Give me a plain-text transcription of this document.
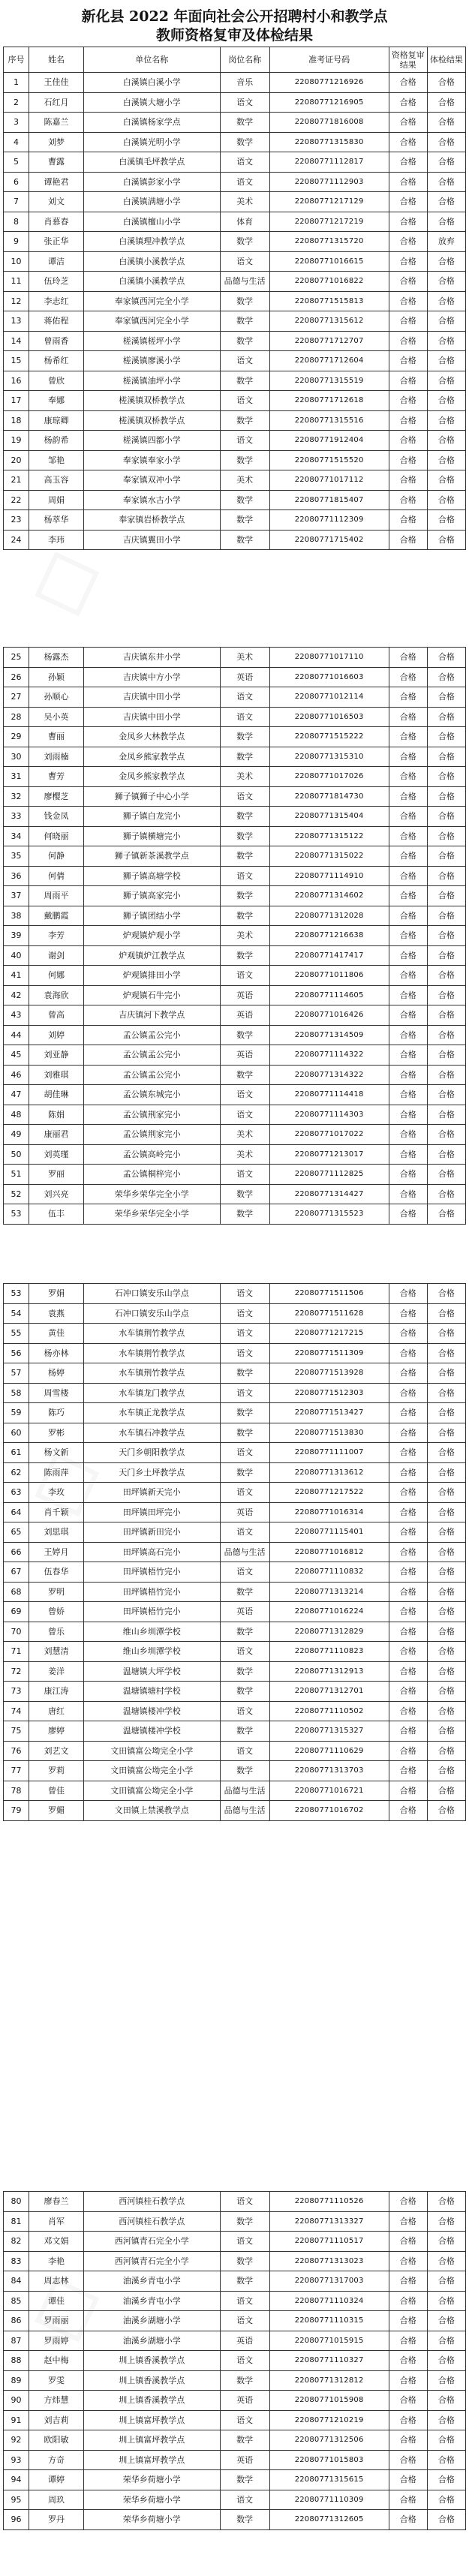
新化县 2022 年面向社会公开招聘村小和教学点
教师资格复审及体检结果
序号	姓名	单位名称	岗位名称	准考证号码	资格复审结果	体检结果
1	王佳佳	白溪镇白溪小学	音乐	22080771216926	合格	合格
2	石红月	白溪镇大塘小学	语文	22080771216905	合格	合格
3	陈嘉兰	白溪镇杨家学点	数学	22080771816008	合格	合格
4	刘梦	白溪镇光明小学	数学	22080771315830	合格	合格
5	曹露	白溪镇毛坪教学点	语文	22080771112817	合格	合格
6	谭艳君	白溪镇彭家小学	语文	22080771112903	合格	合格
7	刘文	白溪镇满塘小学	美术	22080771217129	合格	合格
8	肖慕春	白溪镇檀山小学	体育	22080771217219	合格	合格
9	张正华	白溪镇理冲教学点	数学	22080771315720	合格	放弃
10	谭洁	白溪镇小溪教学点	语文	22080771016615	合格	合格
11	伍玲芝	白溪镇小溪教学点	品德与生活	22080771016822	合格	合格
12	李志红	奉家镇西河完全小学	数学	22080771515813	合格	合格
13	蒋佑程	奉家镇西河完全小学	数学	22080771315612	合格	合格
14	曾雨香	槎溪镇槎坪小学	数学	22080771712707	合格	合格
15	杨希红	槎溪镇廖溪小学	语文	22080771712604	合格	合格
16	曾欣	槎溪镇油坪小学	数学	22080771315519	合格	合格
17	奉娜	槎溪镇双桥教学点	语文	22080771712618	合格	合格
18	康琼卿	槎溪镇双桥教学点	数学	22080771315516	合格	合格
19	杨韵希	槎溪镇四都小学	语文	22080771912404	合格	合格
20	邹艳	奉家镇奉家小学	数学	22080771515520	合格	合格
21	高玉容	奉家镇双冲小学	美术	22080771017112	合格	合格
22	周娟	奉家镇水古小学	数学	22080771815407	合格	合格
23	杨萃华	奉家镇岩桥教学点	数学	22080771112309	合格	合格
24	李玮	吉庆镇翼田小学	数学	22080771715402	合格	合格
25	杨露杰	吉庆镇东井小学	美术	22080771017110	合格	合格
26	孙颖	吉庆镇中方小学	英语	22080771016603	合格	合格
27	孙顺心	吉庆镇中田小学	语文	22080771012114	合格	合格
28	吴小英	吉庆镇中田小学	语文	22080771016503	合格	合格
29	曹丽	金凤乡大林教学点	数学	22080771515222	合格	合格
30	刘雨楠	金凤乡熊家教学点	数学	22080771315310	合格	合格
31	曹芳	金凤乡熊家教学点	美术	22080771017026	合格	合格
32	廖樱芝	狮子镇狮子中心小学	语文	22080771814730	合格	合格
33	钱金凤	狮子镇白龙完小	数学	22080771315404	合格	合格
34	何晓丽	狮子镇横塘完小	数学	22080771315122	合格	合格
35	何静	狮子镇新茶溪教学点	数学	22080771315022	合格	合格
36	何倩	狮子镇高塘学校	语文	22080771114910	合格	合格
37	周雨平	狮子镇高家完小	数学	22080771314602	合格	合格
38	戴鹏霞	狮子镇团结小学	数学	22080771312028	合格	合格
39	李芳	炉观镇炉观小学	美术	22080771216638	合格	合格
40	谢剑	炉观镇炉江教学点	数学	22080771417417	合格	合格
41	何娜	炉观镇排田小学	语文	22080771011806	合格	合格
42	袁海欣	炉观镇石牛完小	英语	22080771114605	合格	合格
43	曾高	吉庆镇河下教学点	英语	22080771016426	合格	合格
44	刘婷	孟公镇孟公完小	数学	22080771314509	合格	合格
45	刘亚静	孟公镇孟公完小	英语	22080771114322	合格	合格
46	刘雅琪	孟公镇孟公完小	数学	22080771314322	合格	合格
47	胡佳琳	孟公镇东城完小	语文	22080771114418	合格	合格
48	陈娟	孟公镇荆家完小	语文	22080771114303	合格	合格
49	康丽君	孟公镇荆家完小	美术	22080771017022	合格	合格
50	刘英瑾	孟公镇高岭完小	美术	22080771213017	合格	合格
51	罗丽	孟公镇桐梓完小	语文	22080771112825	合格	合格
52	刘兴亮	荣华乡荣华完全小学	数学	22080771314427	合格	合格
53	伍丰	荣华乡荣华完全小学	数学	22080771315523	合格	合格
53	罗娟	石冲口镇安乐山学点	语文	22080771511506	合格	合格
54	袁燕	石冲口镇安乐山学点	语文	22080771511628	合格	合格
55	黄佳	水车镇荆竹教学点	语文	22080771217215	合格	合格
56	杨亦林	水车镇荆竹教学点	语文	22080771511309	合格	合格
57	杨婷	水车镇荆竹教学点	数学	22080771513928	合格	合格
58	周雪楼	水车镇龙门教学点	语文	22080771512303	合格	合格
59	陈巧	水车镇正龙教学点	数学	22080771513427	合格	合格
60	罗彬	水车镇石冲教学点	数学	22080771513830	合格	合格
61	杨文新	天门乡朝阳教学点	语文	22080771111007	合格	合格
62	陈雨萍	天门乡土坪教学点	数学	22080771313612	合格	合格
63	李玫	田坪镇新天完小	语文	22080771217522	合格	合格
64	肖千颖	田坪镇田坪完小	英语	22080771016314	合格	合格
65	刘思琪	田坪镇新田完小	语文	22080771115401	合格	合格
66	王婷月	田坪镇高石完小	品德与生活	22080771016812	合格	合格
67	伍春华	田坪镇梧竹完小	语文	22080771110832	合格	合格
68	罗明	田坪镇梧竹完小	数学	22080771313214	合格	合格
69	曾娇	田坪镇梧竹完小	英语	22080771016224	合格	合格
70	曾乐	维山乡圳潭学校	数学	22080771312829	合格	合格
71	刘慧清	维山乡圳潭学校	语文	22080771110823	合格	合格
72	姜洋	温塘镇大坪学校	数学	22080771312913	合格	合格
73	康江涛	温塘镇塘村学校	数学	22080771312701	合格	合格
74	唐红	温塘镇楼冲学校	语文	22080771110502	合格	合格
75	廖婷	温塘镇楼冲学校	数学	22080771315327	合格	合格
76	刘艺文	文田镇富公坳完全小学	语文	22080771110629	合格	合格
77	罗莉	文田镇富公坳完全小学	数学	22080771313703	合格	合格
78	曾佳	文田镇富公坳完全小学	品德与生活	22080771016721	合格	合格
79	罗媚	文田镇上禁溪教学点	品德与生活	22080771016702	合格	合格
80	廖春兰	西河镇桂石教学点	语文	22080771110526	合格	合格
81	肖军	西河镇桂石教学点	数学	22080771313327	合格	合格
82	邓文娟	西河镇青石完全小学	语文	22080771110517	合格	合格
83	李艳	西河镇青石完全小学	数学	22080771313023	合格	合格
84	周志林	油溪乡青屯小学	数学	22080771317003	合格	合格
85	谭佳	油溪乡青屯小学	语文	22080771110324	合格	合格
86	罗雨丽	油溪乡湖塘小学	语文	22080771110315	合格	合格
87	罗雨婷	油溪乡湖塘小学	英语	22080771015915	合格	合格
88	赵中梅	圳上镇香溪教学点	语文	22080771110327	合格	合格
89	罗雯	圳上镇香溪教学点	数学	22080771312812	合格	合格
90	方炜慧	圳上镇香溪教学点	英语	22080771015908	合格	合格
91	刘吉莉	圳上镇富坪教学点	语文	22080771210219	合格	合格
92	欧阳敏	圳上镇富坪教学点	数学	22080771312506	合格	合格
93	方奇	圳上镇富坪教学点	英语	22080771015803	合格	合格
94	谭婷	荣华乡荷塘小学	数学	22080771315615	合格	合格
95	周玖	荣华乡荷塘小学	语文	22080771110309	合格	合格
96	罗丹	荣华乡荷塘小学	数学	22080771312605	合格	合格
